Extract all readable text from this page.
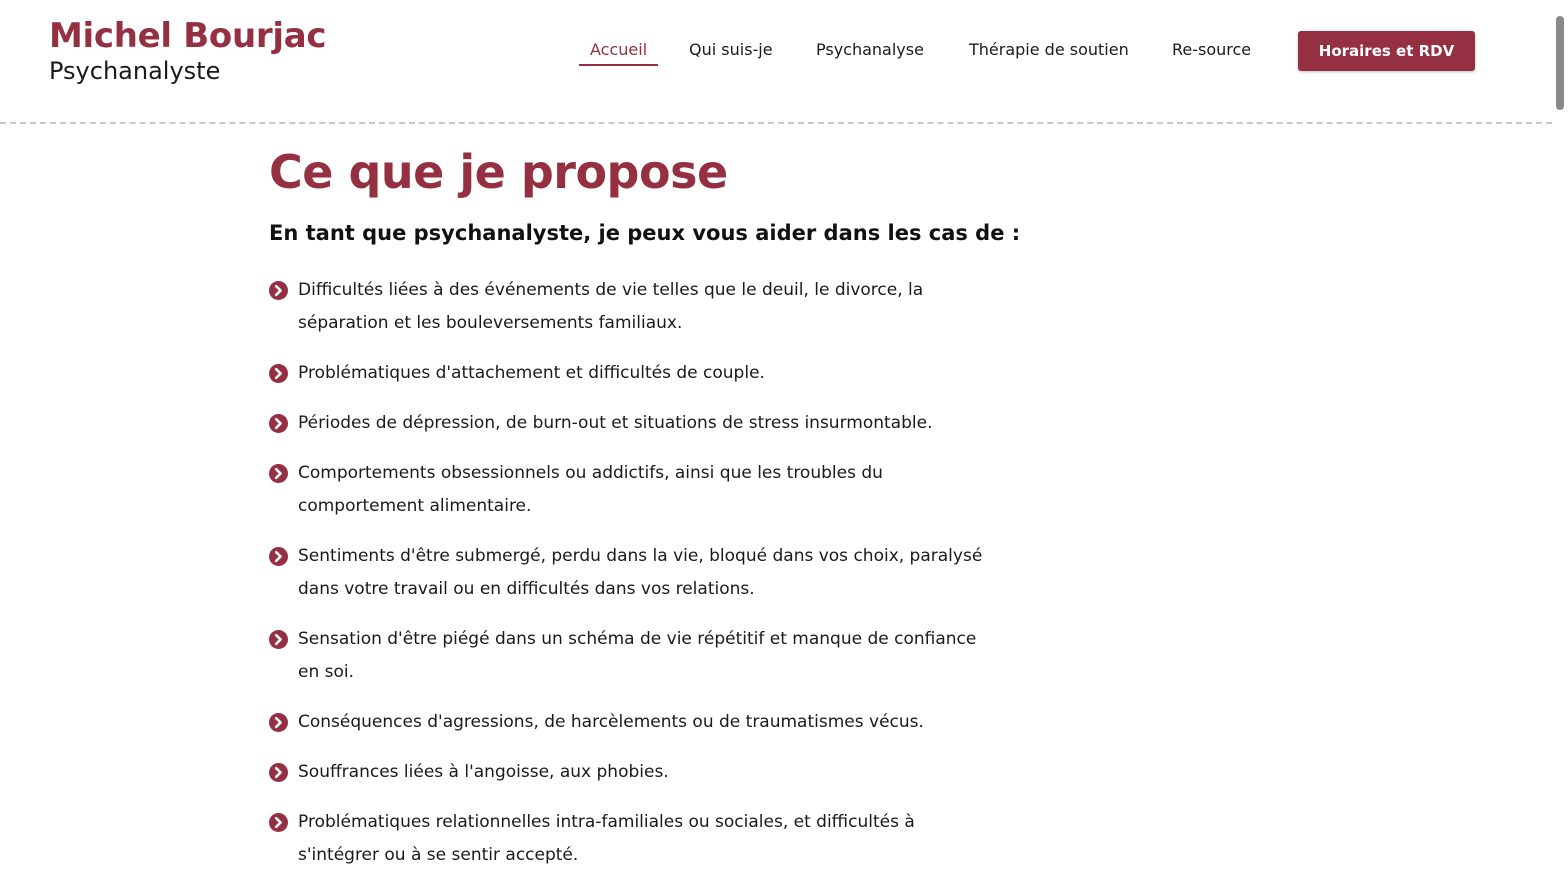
Michel Bourjac
Psychanalyste
Accueil	Qui suis-je	Psychanalyse	Thérapie de soutien	Re-source	Horaires et RDV
Ce que je propose

En tant que psychanalyste, je peux vous aider dans les cas de :

Difficultés liées à des événements de vie telles que le deuil, le divorce, la
séparation et les bouleversements familiaux.
Problématiques d'attachement et difficultés de couple.
Périodes de dépression, de burn-out et situations de stress insurmontable.
Comportements obsessionnels ou addictifs, ainsi que les troubles du
comportement alimentaire.
Sentiments d'être submergé, perdu dans la vie, bloqué dans vos choix, paralysé
dans votre travail ou en difficultés dans vos relations.
Sensation d'être piégé dans un schéma de vie répétitif et manque de confiance
en soi.
Conséquences d'agressions, de harcèlements ou de traumatismes vécus.
Souffrances liées à l'angoisse, aux phobies.
Problématiques relationnelles intra-familiales ou sociales, et difficultés à
s'intégrer ou à se sentir accepté.
